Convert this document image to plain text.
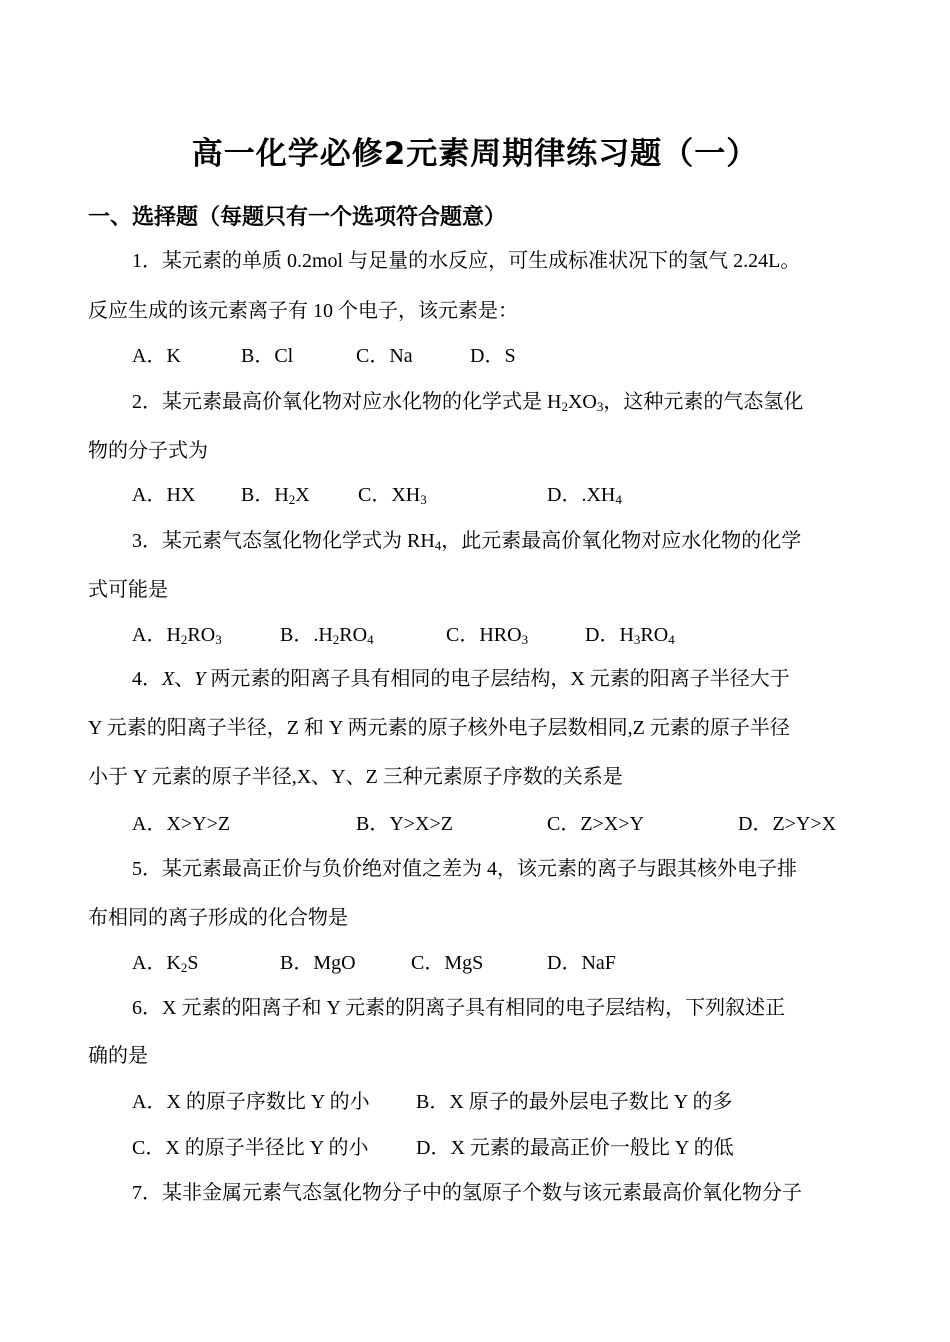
高一化学必修2元素周期律练习题（一）
一、选择题（每题只有一个选项符合题意）
1．某元素的单质 0.2mol 与足量的水反应，可生成标准状况下的氢气 2.24L。
反应生成的该元素离子有 10 个电子，该元素是：
A．K	B．Cl	C．Na	D．S
2．某元素最高价氧化物对应水化物的化学式是 $H_2XO_3$，这种元素的气态氢化
物的分子式为
A．HX B．$H_2X$ C．$XH_3$	D．$.XH_4$
3．某元素气态氢化物化学式为 $RH_4$，此元素最高价氧化物对应水化物的化学
式可能是
A．$H_2RO_3$	B．$.H_2RO_4$	C．$HRO_3$	D．$H_3RO_4$
4．X、Y 两元素的阳离子具有相同的电子层结构，X 元素的阳离子半径大于
Y 元素的阳离子半径，Z 和 Y 两元素的原子核外电子层数相同,Z 元素的原子半径
小于 Y 元素的原子半径,X、Y、Z 三种元素原子序数的关系是
A．X>Y>Z	B．Y>X>Z	C．Z>X>Y	D．Z>Y>X
5．某元素最高正价与负价绝对值之差为 4，该元素的离子与跟其核外电子排
布相同的离子形成的化合物是
A．$K_2S$	B．MgO	C．MgS	D．NaF
6．X 元素的阳离子和 Y 元素的阴离子具有相同的电子层结构，下列叙述正
确的是
A．X 的原子序数比 Y 的小 B．X 原子的最外层电子数比 Y 的多
C．X 的原子半径比 Y 的小 D．X 元素的最高正价一般比 Y 的低
7．某非金属元素气态氢化物分子中的氢原子个数与该元素最高价氧化物分子
